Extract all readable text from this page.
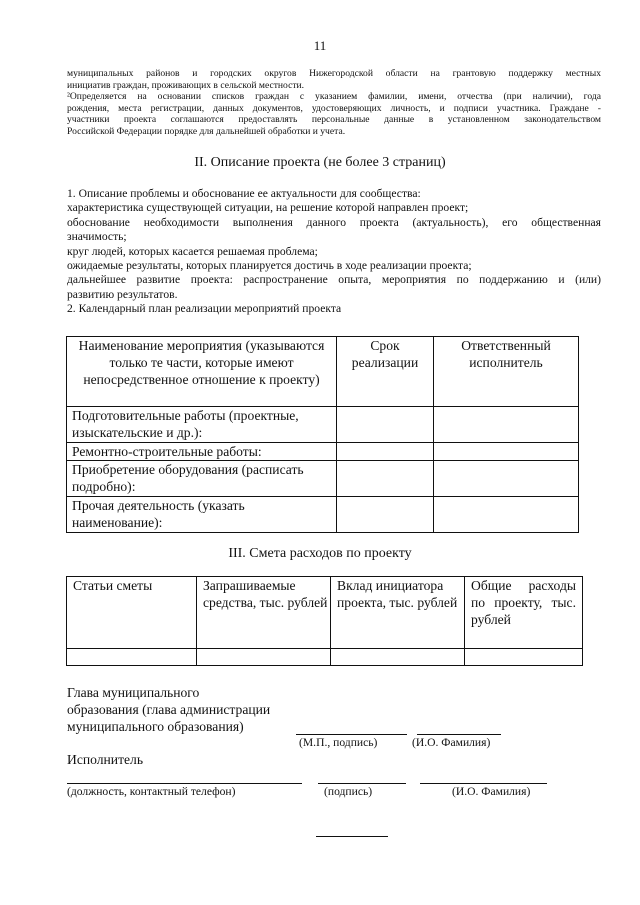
11
муниципальных районов и городских округов Нижегородской области на грантовую поддержку местных
инициатив граждан, проживающих в сельской местности.
²Определяется на основании списков граждан с указанием фамилии, имени, отчества (при наличии), года
рождения, места регистрации, данных документов, удостоверяющих личность, и подписи участника. Граждане -
участники проекта соглашаются предоставлять персональные данные в установленном законодательством
Российской Федерации порядке для дальнейшей обработки и учета.
II. Описание проекта (не более 3 страниц)
1. Описание проблемы и обоснование ее актуальности для сообщества:
характеристика существующей ситуации, на решение которой направлен проект;
обоснование необходимости выполнения данного проекта (актуальность), его общественная
значимость;
круг людей, которых касается решаемая проблема;
ожидаемые результаты, которых планируется достичь в ходе реализации проекта;
дальнейшее развитие проекта: распространение опыта, мероприятия по поддержанию и (или)
развитию результатов.
2. Календарный план реализации мероприятий проекта
Наименование мероприятия (указываются только те части, которые имеют непосредственное отношение к проекту)	Срок реализации	Ответственный исполнитель
Подготовительные работы (проектные, изыскательские и др.):		
Ремонтно-строительные работы:		
Приобретение оборудования (расписать подробно):		
Прочая деятельность (указать наименование):		
III. Смета расходов по проекту
Статьи сметы	Запрашиваемые средства, тыс. рублей	Вклад инициатора проекта, тыс. рублей	Общие расходы по проекту, тыс. рублей

Глава муниципального
образования (глава администрации
муниципального образования)
(М.П., подпись)	(И.О. Фамилия)
Исполнитель
(должность, контактный телефон)	(подпись)	(И.О. Фамилия)
